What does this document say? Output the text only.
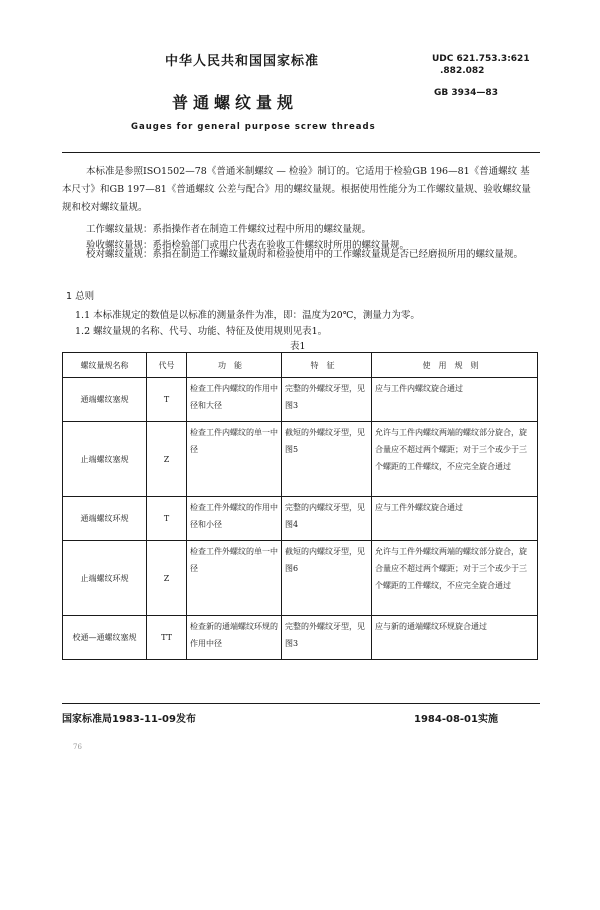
中华人民共和国国家标准	UDC 621.753.3:621
.882.082
GB 3934—83
普通螺纹量规
Gauges for general purpose screw threads
本标准是参照ISO1502—78《普通米制螺纹 — 检验》制订的。它适用于检验GB 196—81《普通螺纹 基本尺寸》和GB 197—81《普通螺纹 公差与配合》用的螺纹量规。根据使用性能分为工作螺纹量规、验收螺纹量规和校对螺纹量规。
工作螺纹量规：系指操作者在制造工件螺纹过程中所用的螺纹量规。
验收螺纹量规：系指检验部门或用户代表在验收工件螺纹时所用的螺纹量规。
校对螺纹量规：系指在制造工作螺纹量规时和检验使用中的工作螺纹量规是否已经磨损所用的螺纹量规。
1 总则
1.1 本标准规定的数值是以标准的测量条件为准，即：温度为20℃，测量力为零。
1.2 螺纹量规的名称、代号、功能、特征及使用规则见表1。
表1
螺纹量规名称	代号	功能	特征	使用规则
通端螺纹塞规	T	检查工件内螺纹的作用中径和大径	完整的外螺纹牙型，见图3	应与工件内螺纹旋合通过
止端螺纹塞规	Z	检查工件内螺纹的单一中径	截短的外螺纹牙型，见图5	允许与工件内螺纹两端的螺纹部分旋合，旋合量应不超过两个螺距；对于三个或少于三个螺距的工件螺纹，不应完全旋合通过
通端螺纹环规	T	检查工件外螺纹的作用中径和小径	完整的内螺纹牙型，见图4	应与工件外螺纹旋合通过
止端螺纹环规	Z	检查工件外螺纹的单一中径	截短的内螺纹牙型，见图6	允许与工件外螺纹两端的螺纹部分旋合，旋合量应不超过两个螺距；对于三个或少于三个螺距的工件螺纹，不应完全旋合通过
校通—通螺纹塞规	TT	检查新的通端螺纹环规的作用中径	完整的外螺纹牙型，见图3	应与新的通端螺纹环规旋合通过
国家标准局1983-11-09发布	1984-08-01实施
76
